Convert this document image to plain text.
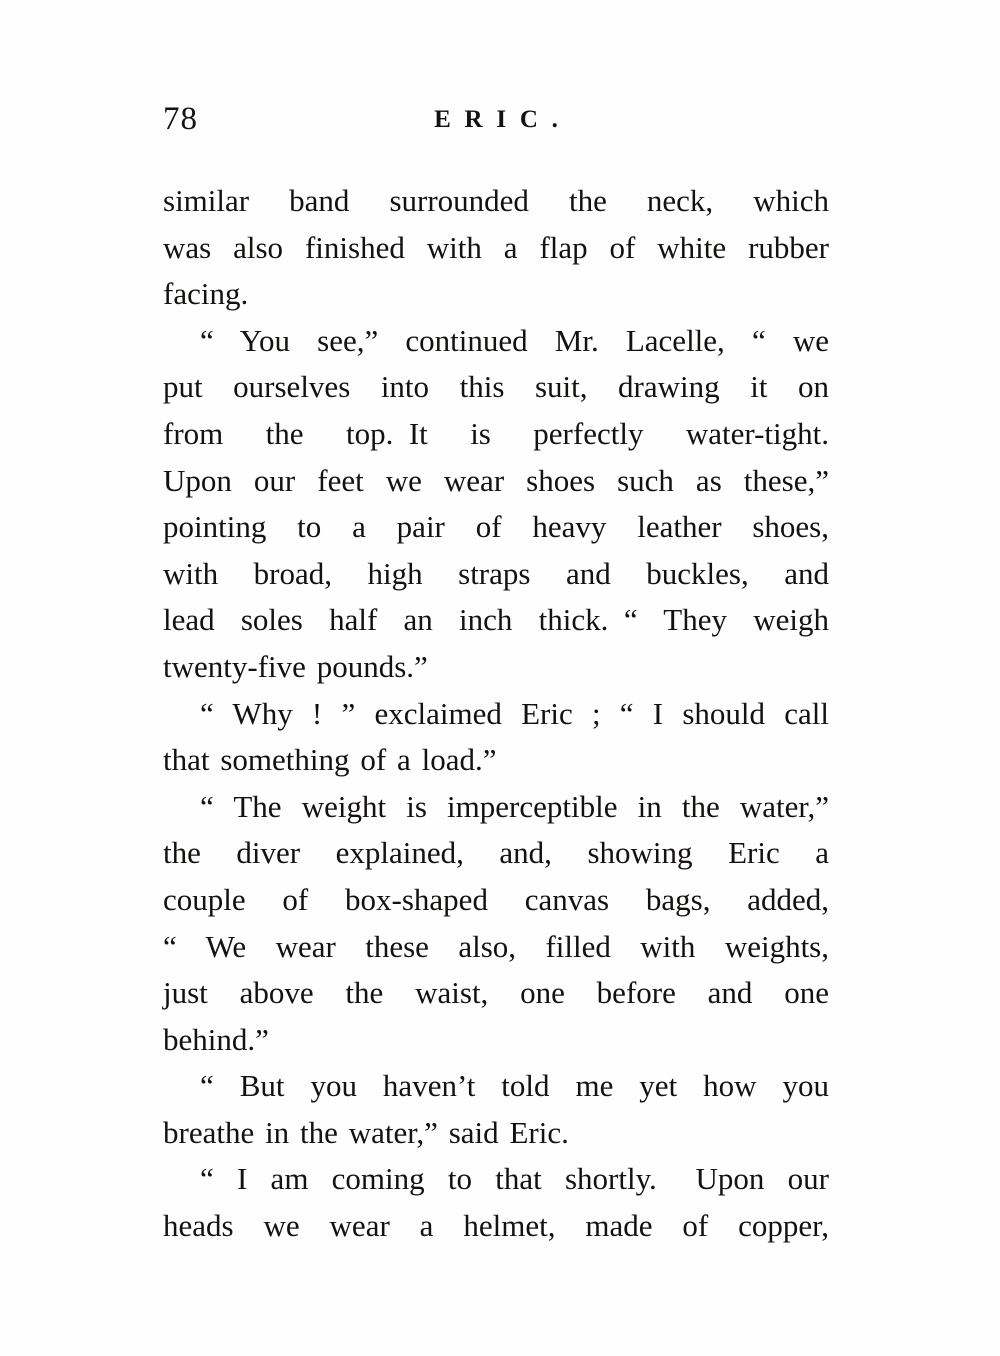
78	ERIC.
similar band surrounded the neck, which
was also finished with a flap of white rubber
facing.
“ You see,” continued Mr. Lacelle, “ we
put ourselves into this suit, drawing it on
from the top. It is perfectly water-tight.
Upon our feet we wear shoes such as these,”
pointing to a pair of heavy leather shoes,
with broad, high straps and buckles, and
lead soles half an inch thick. “ They weigh
twenty-five pounds.”
“ Why ! ” exclaimed Eric ; “ I should call
that something of a load.”
“ The weight is imperceptible in the water,”
the diver explained, and, showing Eric a
couple of box-shaped canvas bags, added,
“ We wear these also, filled with weights,
just above the waist, one before and one
behind.”
“ But you haven’t told me yet how you
breathe in the water,” said Eric.
“ I am coming to that shortly.  Upon our
heads we wear a helmet, made of copper,
